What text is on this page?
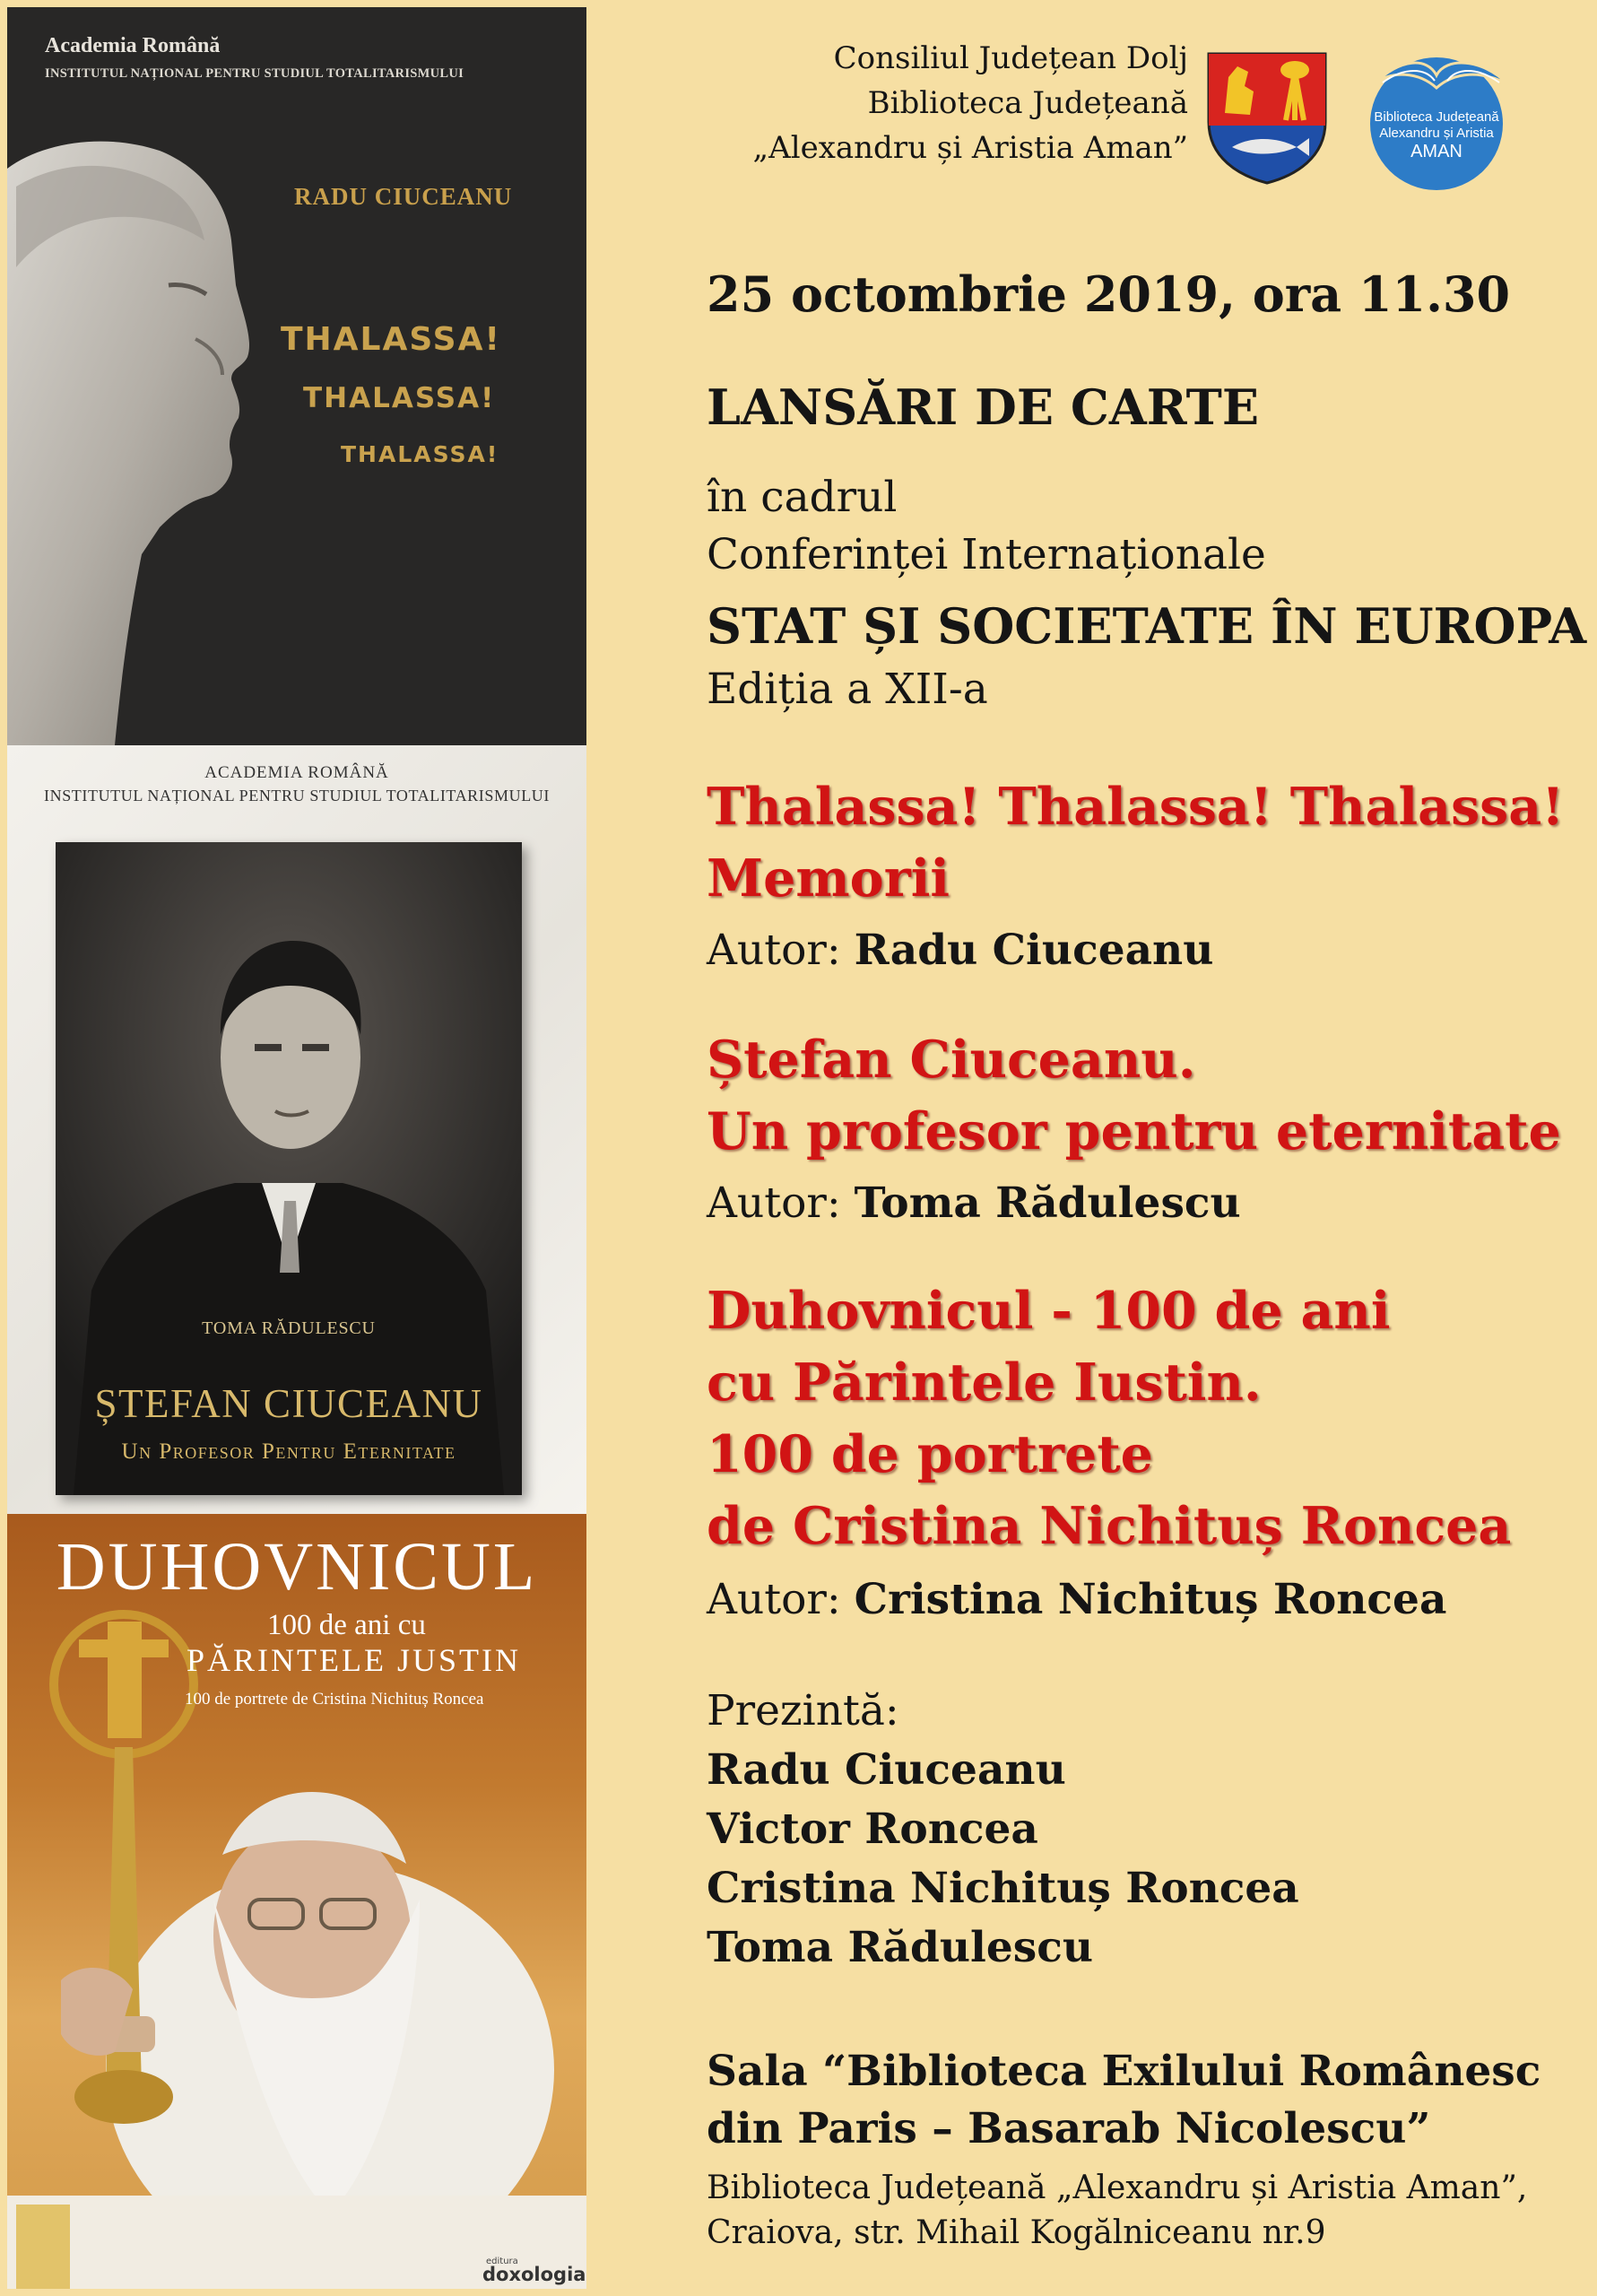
Academia Română
INSTITUTUL NAȚIONAL PENTRU STUDIUL TOTALITARISMULUI
RADU CIUCEANU
THALASSA!
THALASSA!
THALASSA!
ACADEMIA ROMÂNĂ
INSTITUTUL NAȚIONAL PENTRU STUDIUL TOTALITARISMULUI
TOMA RĂDULESCU
ȘTEFAN CIUCEANU
Un Profesor Pentru Eternitate
DUHOVNICUL
100 de ani cu
PĂRINTELE JUSTIN
100 de portrete de Cristina Nichituș Roncea
editura
doxologia
Consiliul Județean Dolj
Biblioteca Județeană
„Alexandru și Aristia Aman”
Biblioteca Județeană
Alexandru și Aristia
AMAN
25 octombrie 2019, ora 11.30
LANSĂRI DE CARTE
în cadrul
Conferinței Internaționale
STAT ȘI SOCIETATE ÎN EUROPA
Ediția a XII-a
Thalassa! Thalassa! Thalassa!
Memorii
Autor: Radu Ciuceanu
Ștefan Ciuceanu.
Un profesor pentru eternitate
Autor: Toma Rădulescu
Duhovnicul - 100 de ani
cu Părintele Iustin.
100 de portrete
de Cristina Nichituș Roncea
Autor: Cristina Nichituș Roncea
Prezintă:
Radu Ciuceanu
Victor Roncea
Cristina Nichituș Roncea
Toma Rădulescu
Sala “Biblioteca Exilului Românesc
din Paris – Basarab Nicolescu”
Biblioteca Județeană „Alexandru și Aristia Aman”,
Craiova, str. Mihail Kogălniceanu nr.9
